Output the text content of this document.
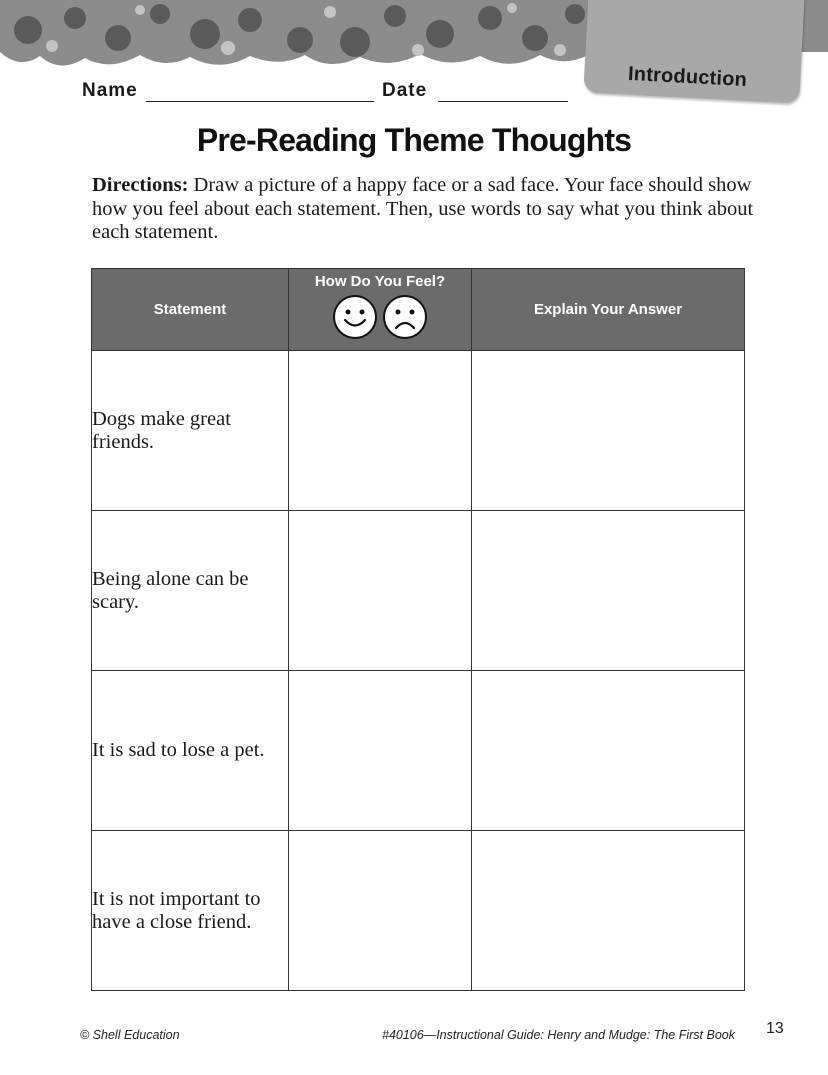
Introduction
Name	Date
Pre-Reading Theme Thoughts
Directions: Draw a picture of a happy face or a sad face. Your face should show how you feel about each statement. Then, use words to say what you think about each statement.
Statement	How Do You Feel?	Explain Your Answer
Dogs make great friends.		
Being alone can be scary.		
It is sad to lose a pet.		
It is not important to have a close friend.		
© Shell Education	#40106—Instructional Guide: Henry and Mudge: The First Book 13
